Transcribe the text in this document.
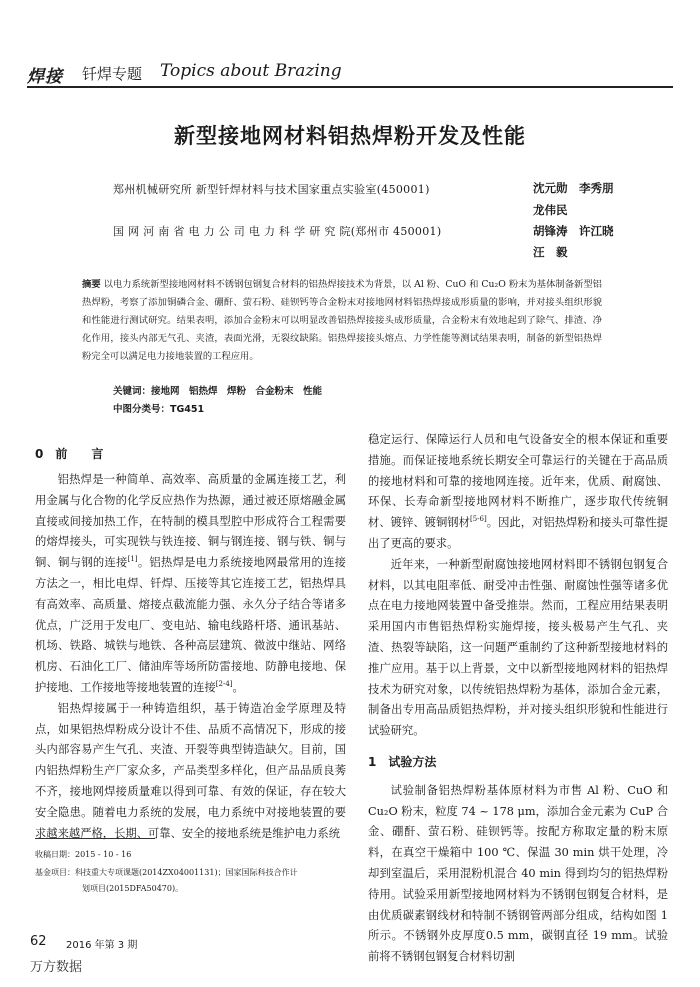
焊接 钎焊专题 Topics about Brazing
新型接地网材料铝热焊粉开发及性能
郑州机械研究所 新型钎焊材料与技术国家重点实验室(450001)
国 网 河 南 省 电 力 公 司 电 力 科 学 研 究 院(郑州市 450001)
沈元勋　李秀朋
龙伟民
胡锋涛　许江晓
汪　毅
摘要 以电力系统新型接地网材料不锈钢包钢复合材料的铝热焊接技术为背景，以 Al 粉、CuO 和 Cu₂O 粉末为基体制备新型铝热焊粉，考察了添加铜磷合金、硼酐、萤石粉、硅钡钙等合金粉末对接地网材料铝热焊接成形质量的影响，并对接头组织形貌和性能进行测试研究。结果表明，添加合金粉末可以明显改善铝热焊接接头成形质量，合金粉末有效地起到了除气、排渣、净化作用，接头内部无气孔、夹渣，表面光滑，无裂纹缺陷。铝热焊接接头熔点、力学性能等测试结果表明，制备的新型铝热焊粉完全可以满足电力接地装置的工程应用。
关键词：接地网　铝热焊　焊粉　合金粉末　性能
中图分类号：TG451
0　前　　言

铝热焊是一种简单、高效率、高质量的金属连接工艺，利用金属与化合物的化学反应热作为热源，通过被还原熔融金属直接或间接加热工作，在特制的模具型腔中形成符合工程需要的熔焊接头，可实现铁与铁连接、铜与钢连接、钢与铁、铜与铜、铜与钢的连接[1]。铝热焊是电力系统接地网最常用的连接方法之一，相比电焊、钎焊、压接等其它连接工艺，铝热焊具有高效率、高质量、熔接点截流能力强、永久分子结合等诸多优点，广泛用于发电厂、变电站、输电线路杆塔、通讯基站、机场、铁路、城铁与地铁、各种高层建筑、微波中继站、网络机房、石油化工厂、储油库等场所防雷接地、防静电接地、保护接地、工作接地等接地装置的连接[2-4]。

铝热焊接属于一种铸造组织，基于铸造冶金学原理及特点，如果铝热焊粉成分设计不佳、品质不高情况下，形成的接头内部容易产生气孔、夹渣、开裂等典型铸造缺欠。目前，国内铝热焊粉生产厂家众多，产品类型多样化，但产品品质良莠不齐，接地网焊接质量难以得到可靠、有效的保证，存在较大安全隐患。随着电力系统的发展，电力系统中对接地装置的要求越来越严格，长期、可靠、安全的接地系统是维护电力系统

稳定运行、保障运行人员和电气设备安全的根本保证和重要措施。而保证接地系统长期安全可靠运行的关键在于高品质的接地材料和可靠的接地网连接。近年来，优质、耐腐蚀、环保、长寿命新型接地网材料不断推广，逐步取代传统铜材、镀锌、镀铜钢材[5-6]。因此，对铝热焊粉和接头可靠性提出了更高的要求。

近年来，一种新型耐腐蚀接地网材料即不锈钢包钢复合材料，以其电阻率低、耐受冲击性强、耐腐蚀性强等诸多优点在电力接地网装置中备受推崇。然而，工程应用结果表明采用国内市售铝热焊粉实施焊接，接头极易产生气孔、夹渣、热裂等缺陷，这一问题严重制约了这种新型接地材料的推广应用。基于以上背景，文中以新型接地网材料的铝热焊技术为研究对象，以传统铝热焊粉为基体，添加合金元素，制备出专用高品质铝热焊粉，并对接头组织形貌和性能进行试验研究。

1　试验方法

试验制备铝热焊粉基体原材料为市售 Al 粉、CuO 和 Cu₂O 粉末，粒度 74 ~ 178 μm，添加合金元素为 CuP 合金、硼酐、萤石粉、硅钡钙等。按配方称取定量的粉末原料，在真空干燥箱中 100 ℃、保温 30 min 烘干处理，冷却到室温后，采用混粉机混合 40 min 得到均匀的铝热焊粉待用。试验采用新型接地网材料为不锈钢包钢复合材料，是由优质碳素钢线材和特制不锈钢管两部分组成，结构如图 1 所示。不锈钢外皮厚度0.5 mm，碳钢直径 19 mm。试验前将不锈钢包钢复合材料切割

收稿日期：2015 - 10 - 16
基金项目：科技重大专项课题(2014ZX04001131)；国家国际科技合作计
划项目(2015DFA50470)。
62 2016 年第 3 期
万方数据
